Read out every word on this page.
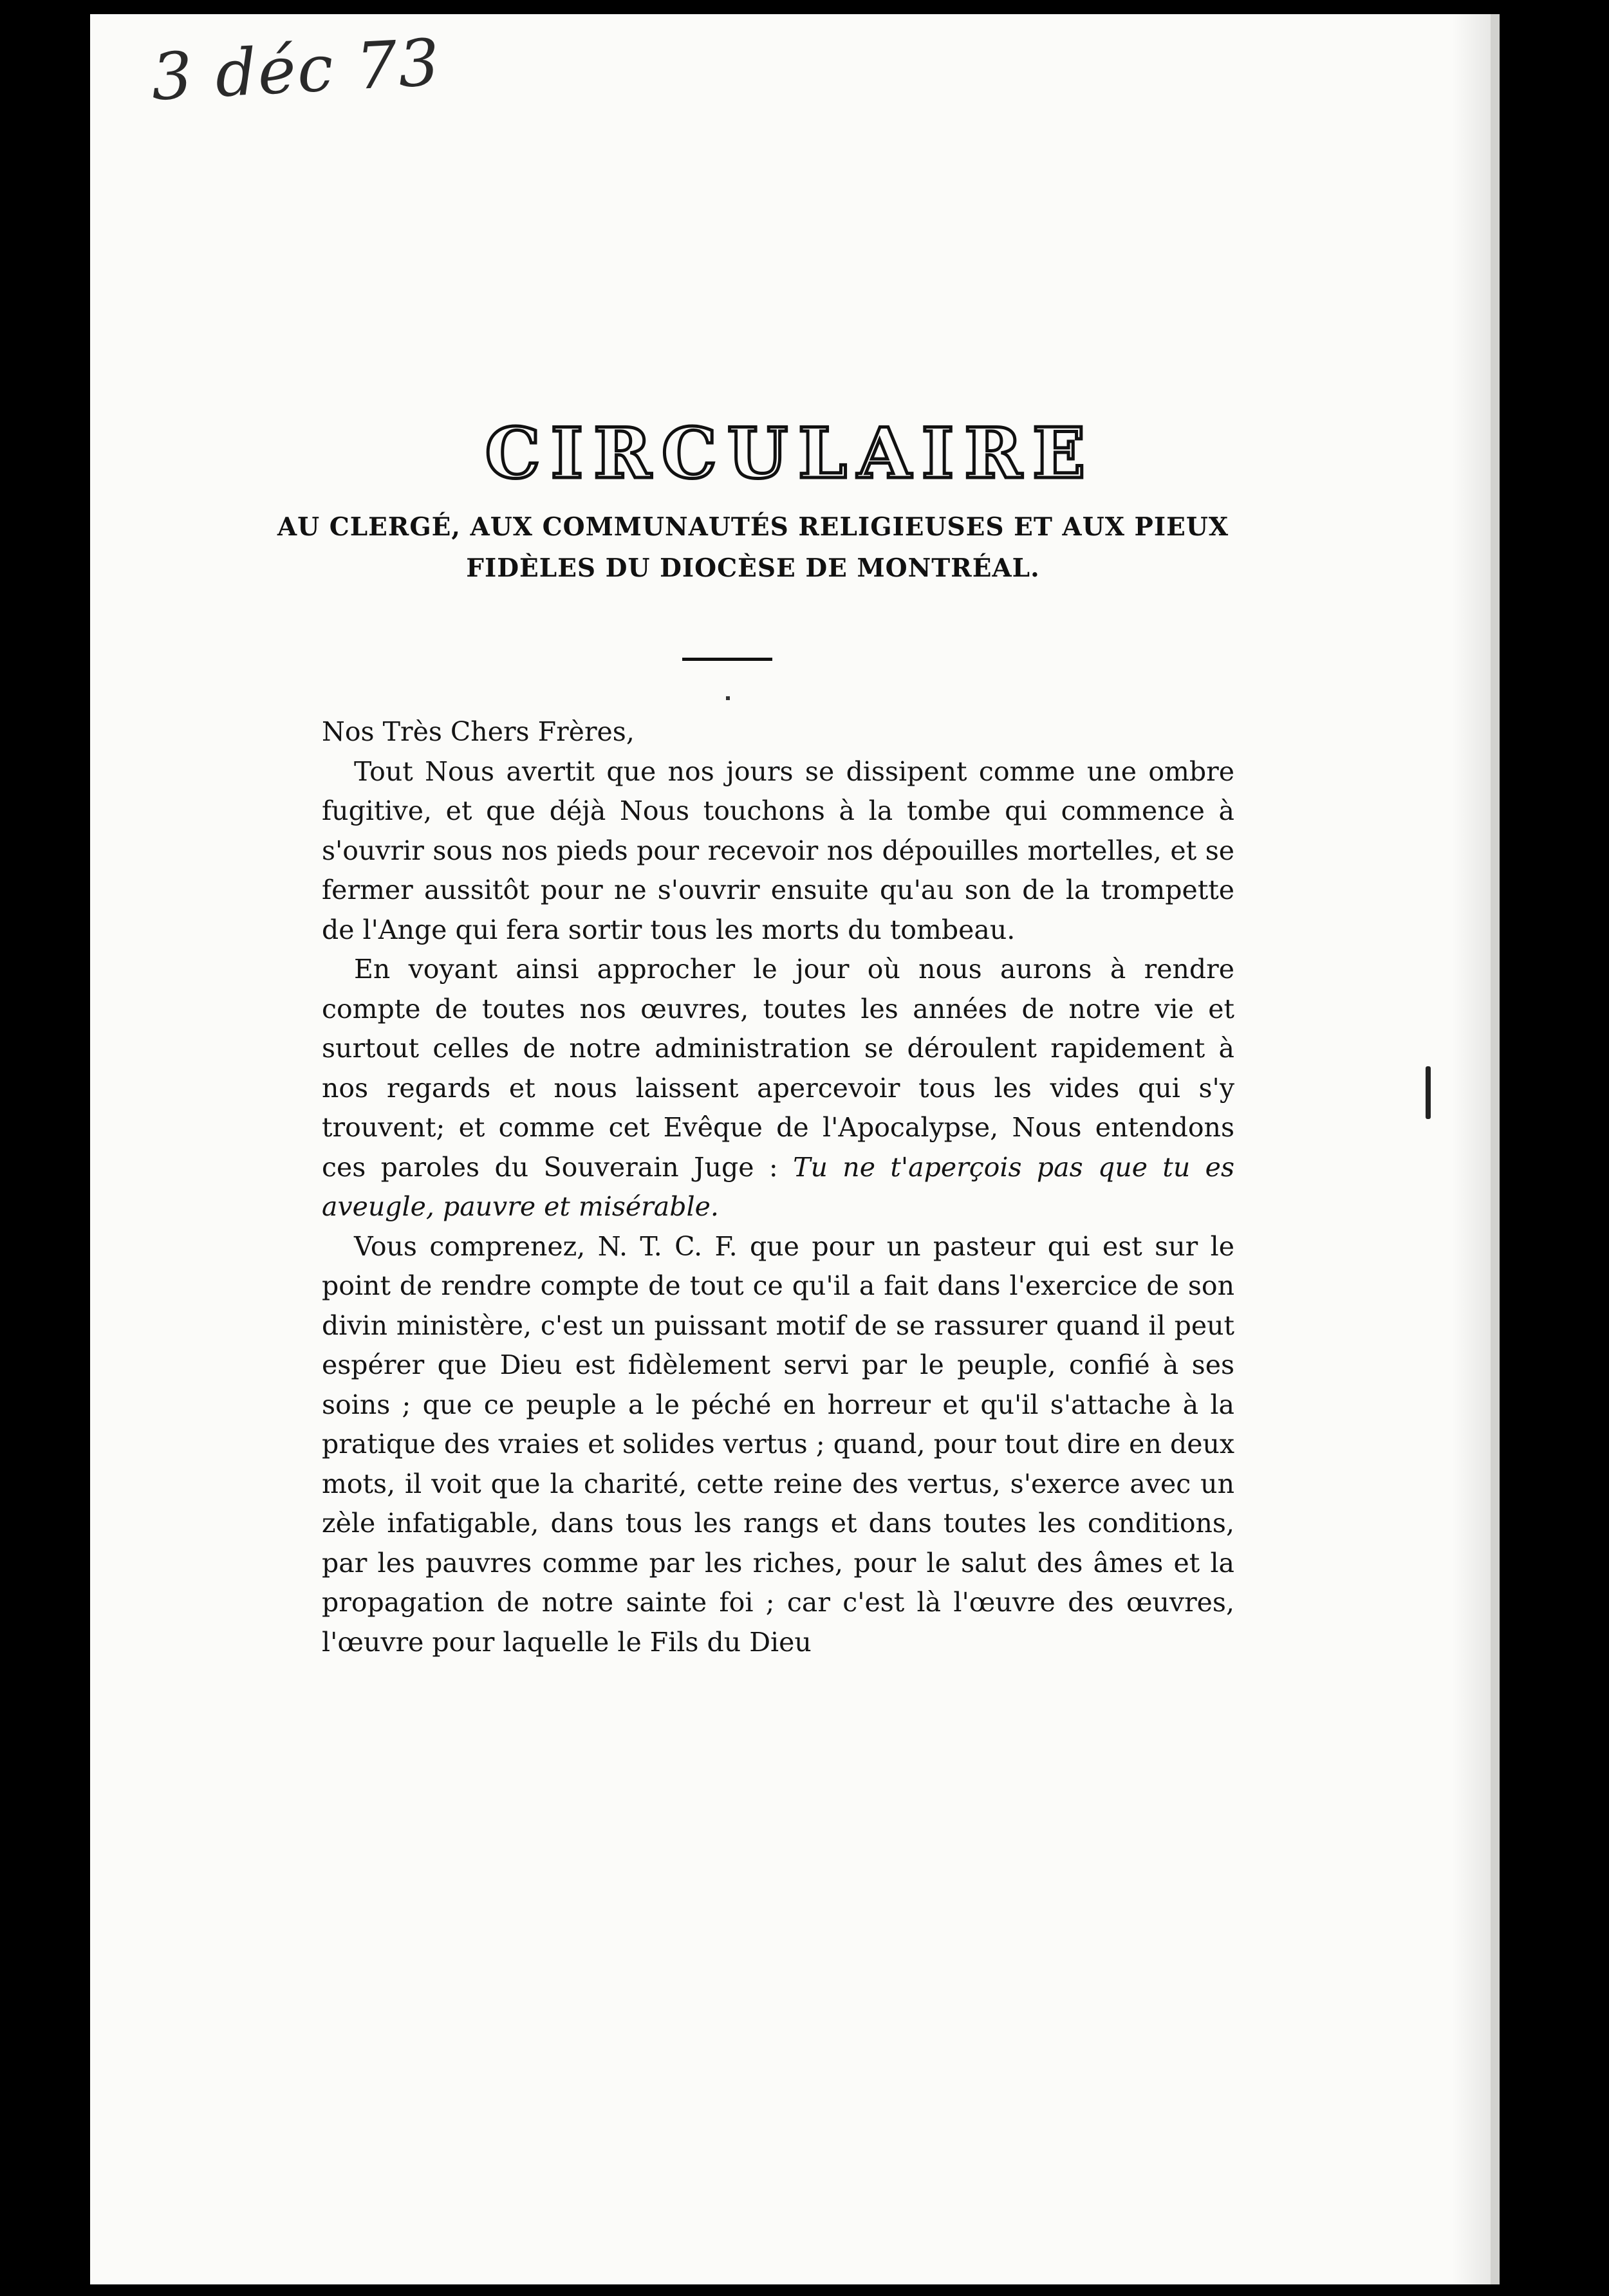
3 déc 73
CIRCULAIRE
AU CLERGÉ, AUX COMMUNAUTÉS RELIGIEUSES ET AUX PIEUX
FIDÈLES DU DIOCÈSE DE MONTRÉAL.
Nos Très Chers Frères,

Tout Nous avertit que nos jours se dissipent comme une ombre fugitive, et que déjà Nous touchons à la tombe qui commence à s'ouvrir sous nos pieds pour recevoir nos dépouilles mortelles, et se fermer aussitôt pour ne s'ouvrir ensuite qu'au son de la trompette de l'Ange qui fera sortir tous les morts du tombeau.

En voyant ainsi approcher le jour où nous aurons à rendre compte de toutes nos œuvres, toutes les années de notre vie et surtout celles de notre administration se déroulent rapidement à nos regards et nous laissent apercevoir tous les vides qui s'y trouvent; et comme cet Evêque de l'Apocalypse, Nous entendons ces paroles du Souverain Juge : Tu ne t'aperçois pas que tu es aveugle, pauvre et misérable.

Vous comprenez, N. T. C. F. que pour un pasteur qui est sur le point de rendre compte de tout ce qu'il a fait dans l'exercice de son divin ministère, c'est un puissant motif de se rassurer quand il peut espérer que Dieu est fidèlement servi par le peuple, confié à ses soins ; que ce peuple a le péché en horreur et qu'il s'attache à la pratique des vraies et solides vertus ; quand, pour tout dire en deux mots, il voit que la charité, cette reine des vertus, s'exerce avec un zèle infatigable, dans tous les rangs et dans toutes les conditions, par les pauvres comme par les riches, pour le salut des âmes et la propagation de notre sainte foi ; car c'est là l'œuvre des œuvres, l'œuvre pour laquelle le Fils du Dieu
